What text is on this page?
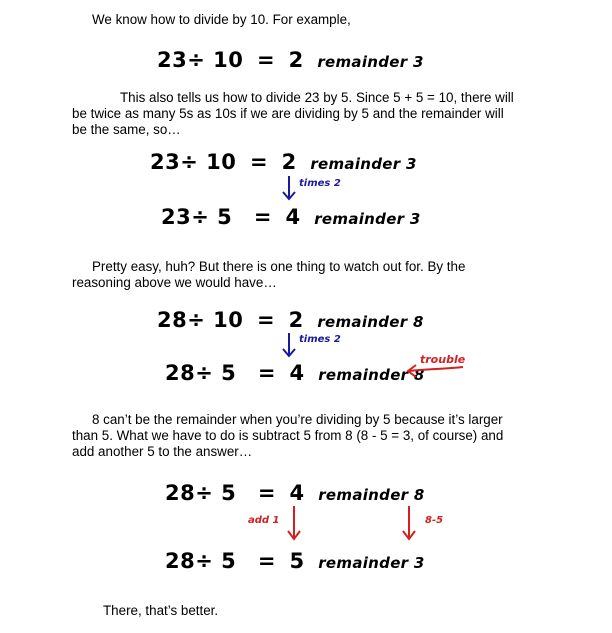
We know how to divide by 10. For example,

23÷ 10 = 2 remainder 3

This also tells us how to divide 23 by 5. Since 5 + 5 = 10, there will

be twice as many 5s as 10s if we are dividing by 5 and the remainder will

be the same, so…

23÷ 10 = 2 remainder 3
times 2
23÷ 5 = 4 remainder 3

Pretty easy, huh? But there is one thing to watch out for. By the

reasoning above we would have…

28÷ 10 = 2 remainder 8
times 2
28÷ 5 = 4 remainder 8
trouble

8 can’t be the remainder when you’re dividing by 5 because it’s larger

than 5. What we have to do is subtract 5 from 8 (8 - 5 = 3, of course) and

add another 5 to the answer…

28÷ 5 = 4 remainder 8
add 1	8-5
28÷ 5 = 5 remainder 3

There, that’s better.
